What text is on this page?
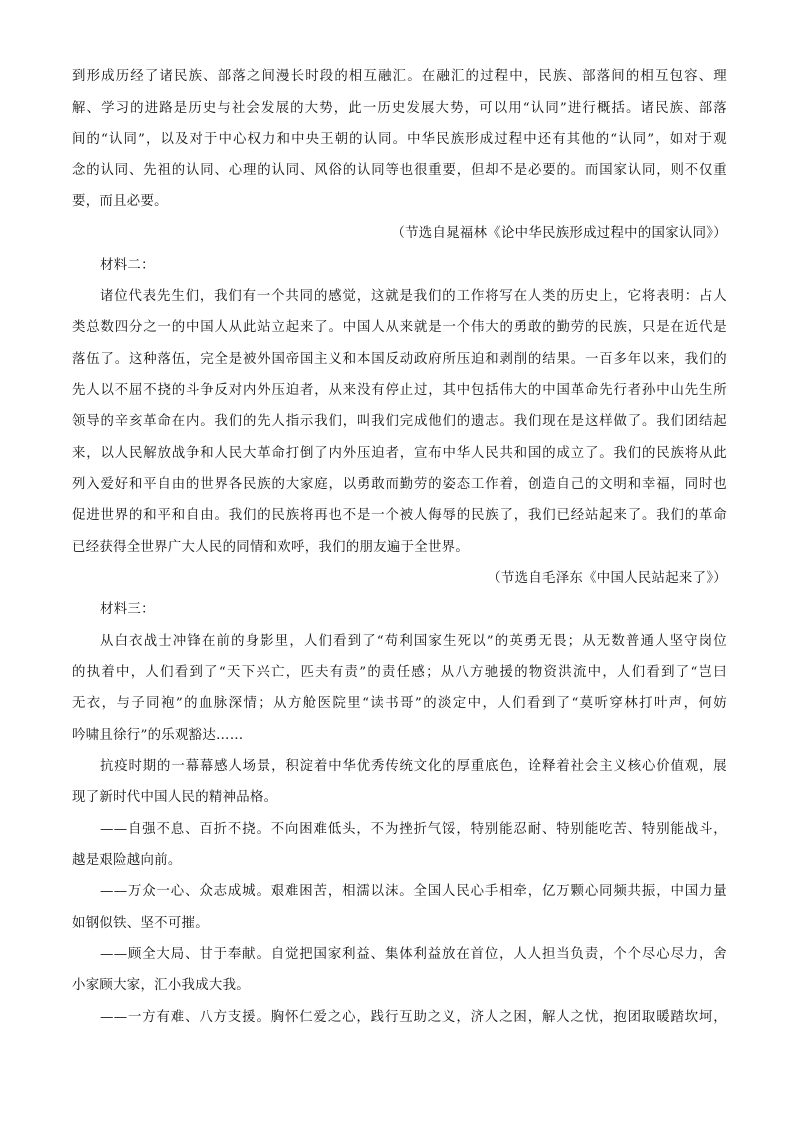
到形成历经了诸民族、部落之间漫长时段的相互融汇。在融汇的过程中，民族、部落间的相互包容、理
解、学习的进路是历史与社会发展的大势，此一历史发展大势，可以用“认同”进行概括。诸民族、部落
间的“认同”，以及对于中心权力和中央王朝的认同。中华民族形成过程中还有其他的“认同”，如对于观
念的认同、先祖的认同、心理的认同、风俗的认同等也很重要，但却不是必要的。而国家认同，则不仅重
要，而且必要。
（节选自晁福林《论中华民族形成过程中的国家认同》）
材料二：
诸位代表先生们，我们有一个共同的感觉，这就是我们的工作将写在人类的历史上，它将表明：占人
类总数四分之一的中国人从此站立起来了。中国人从来就是一个伟大的勇敢的勤劳的民族，只是在近代是
落伍了。这种落伍，完全是被外国帝国主义和本国反动政府所压迫和剥削的结果。一百多年以来，我们的
先人以不屈不挠的斗争反对内外压迫者，从来没有停止过，其中包括伟大的中国革命先行者孙中山先生所
领导的辛亥革命在内。我们的先人指示我们，叫我们完成他们的遗志。我们现在是这样做了。我们团结起
来，以人民解放战争和人民大革命打倒了内外压迫者，宣布中华人民共和国的成立了。我们的民族将从此
列入爱好和平自由的世界各民族的大家庭，以勇敢而勤劳的姿态工作着，创造自己的文明和幸福，同时也
促进世界的和平和自由。我们的民族将再也不是一个被人侮辱的民族了，我们已经站起来了。我们的革命
已经获得全世界广大人民的同情和欢呼，我们的朋友遍于全世界。
（节选自毛泽东《中国人民站起来了》）
材料三：
从白衣战士冲锋在前的身影里，人们看到了“苟利国家生死以”的英勇无畏；从无数普通人坚守岗位
的执着中，人们看到了“天下兴亡，匹夫有责”的责任感；从八方驰援的物资洪流中，人们看到了“岂曰
无衣，与子同袍”的血脉深情；从方舱医院里“读书哥”的淡定中，人们看到了“莫听穿林打叶声，何妨
吟啸且徐行”的乐观豁达……
抗疫时期的一幕幕感人场景，积淀着中华优秀传统文化的厚重底色，诠释着社会主义核心价值观，展
现了新时代中国人民的精神品格。
——自强不息、百折不挠。不向困难低头，不为挫折气馁，特别能忍耐、特别能吃苦、特别能战斗，
越是艰险越向前。
——万众一心、众志成城。艰难困苦，相濡以沫。全国人民心手相牵，亿万颗心同频共振，中国力量
如钢似铁、坚不可摧。
——顾全大局、甘于奉献。自觉把国家利益、集体利益放在首位，人人担当负责，个个尽心尽力，舍
小家顾大家，汇小我成大我。
——一方有难、八方支援。胸怀仁爱之心，践行互助之义，济人之困，解人之忧，抱团取暖踏坎坷，
